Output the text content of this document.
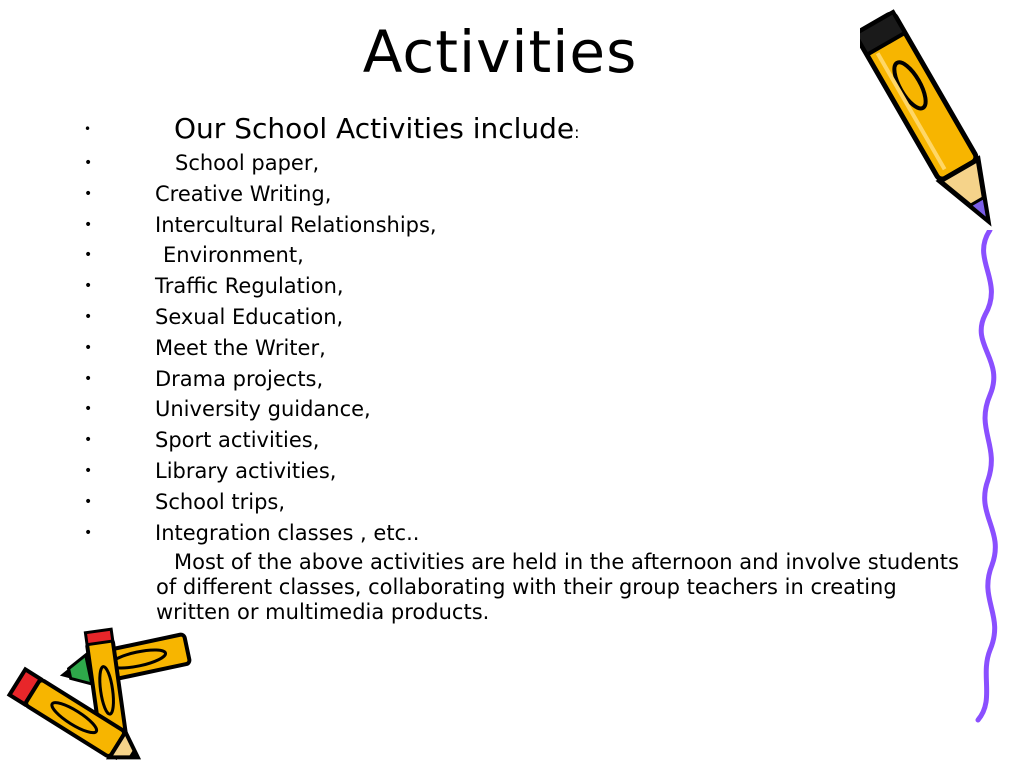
Activities
•	Our School Activities include:
•	School paper,
•	Creative Writing,
•	Intercultural Relationships,
•	Environment,
•	Traffic Regulation,
•	Sexual Education,
•	Meet the Writer,
•	Drama projects,
•	University guidance,
•	Sport activities,
•	Library activities,
•	School trips,
•	Integration classes , etc..
Most of the above activities are held in the afternoon and involve students of different classes, collaborating with their group teachers in creating written or multimedia products.
